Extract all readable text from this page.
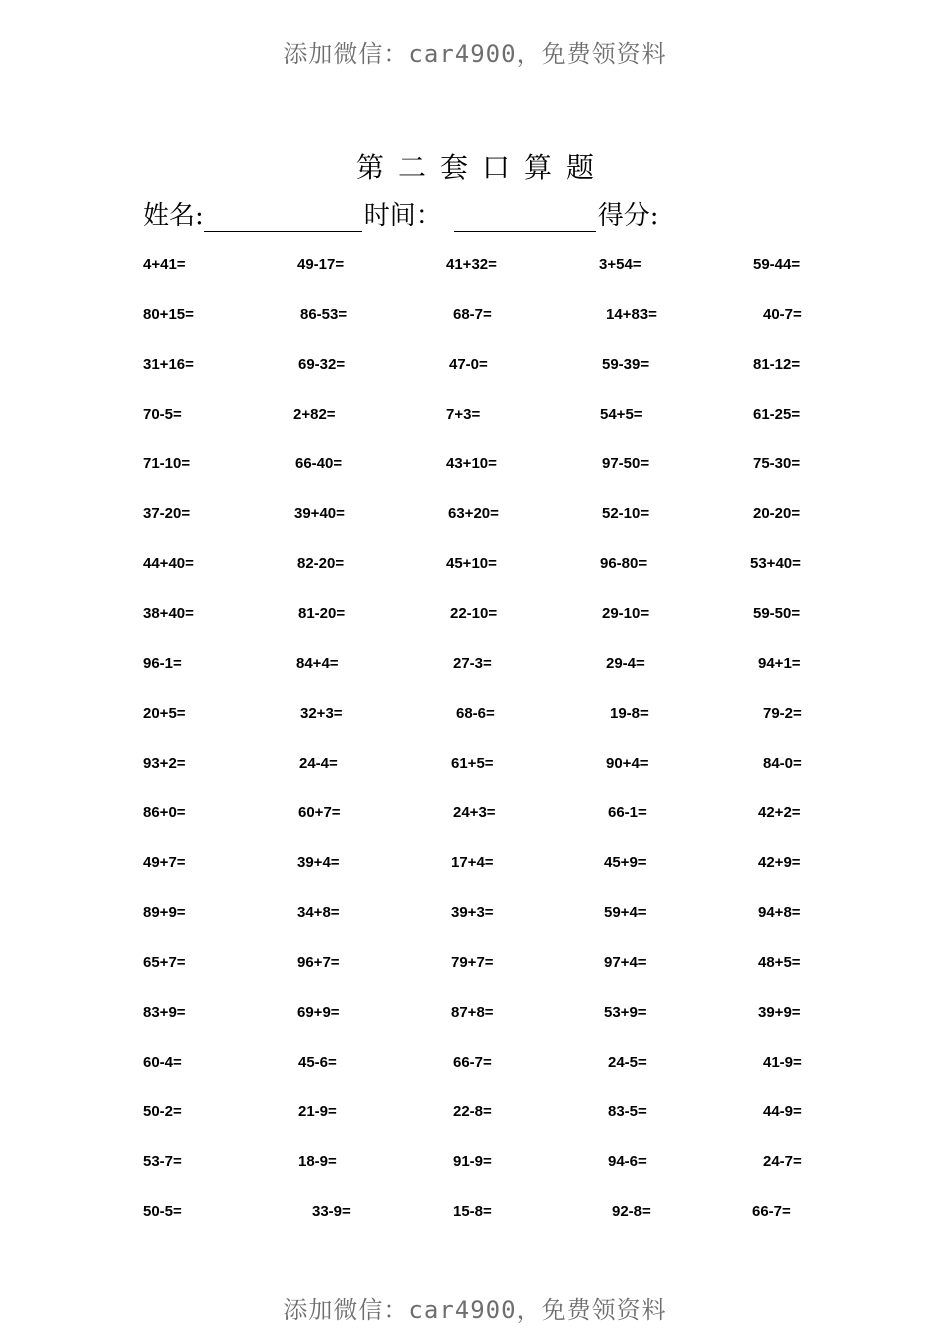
添加微信：car4900，免费领资料
第二套口算题
姓名:	时间：	得分:
4+41=	49-17=	41+32=	3+54=	59-44=
80+15=	86-53=	68-7=	14+83=	40-7=
31+16=	69-32=	47-0=	59-39=	81-12=
70-5=	2+82=	7+3=	54+5=	61-25=
71-10=	66-40=	43+10=	97-50=	75-30=
37-20=	39+40=	63+20=	52-10=	20-20=
44+40=	82-20=	45+10=	96-80=	53+40=
38+40=	81-20=	22-10=	29-10=	59-50=
96-1=	84+4=	27-3=	29-4=	94+1=
20+5=	32+3=	68-6=	19-8=	79-2=
93+2=	24-4=	61+5=	90+4=	84-0=
86+0=	60+7=	24+3=	66-1=	42+2=
49+7=	39+4=	17+4=	45+9=	42+9=
89+9=	34+8=	39+3=	59+4=	94+8=
65+7=	96+7=	79+7=	97+4=	48+5=
83+9=	69+9=	87+8=	53+9=	39+9=
60-4=	45-6=	66-7=	24-5=	41-9=
50-2=	21-9=	22-8=	83-5=	44-9=
53-7=	18-9=	91-9=	94-6=	24-7=
50-5=	33-9=	15-8=	92-8=	66-7=
添加微信：car4900，免费领资料
